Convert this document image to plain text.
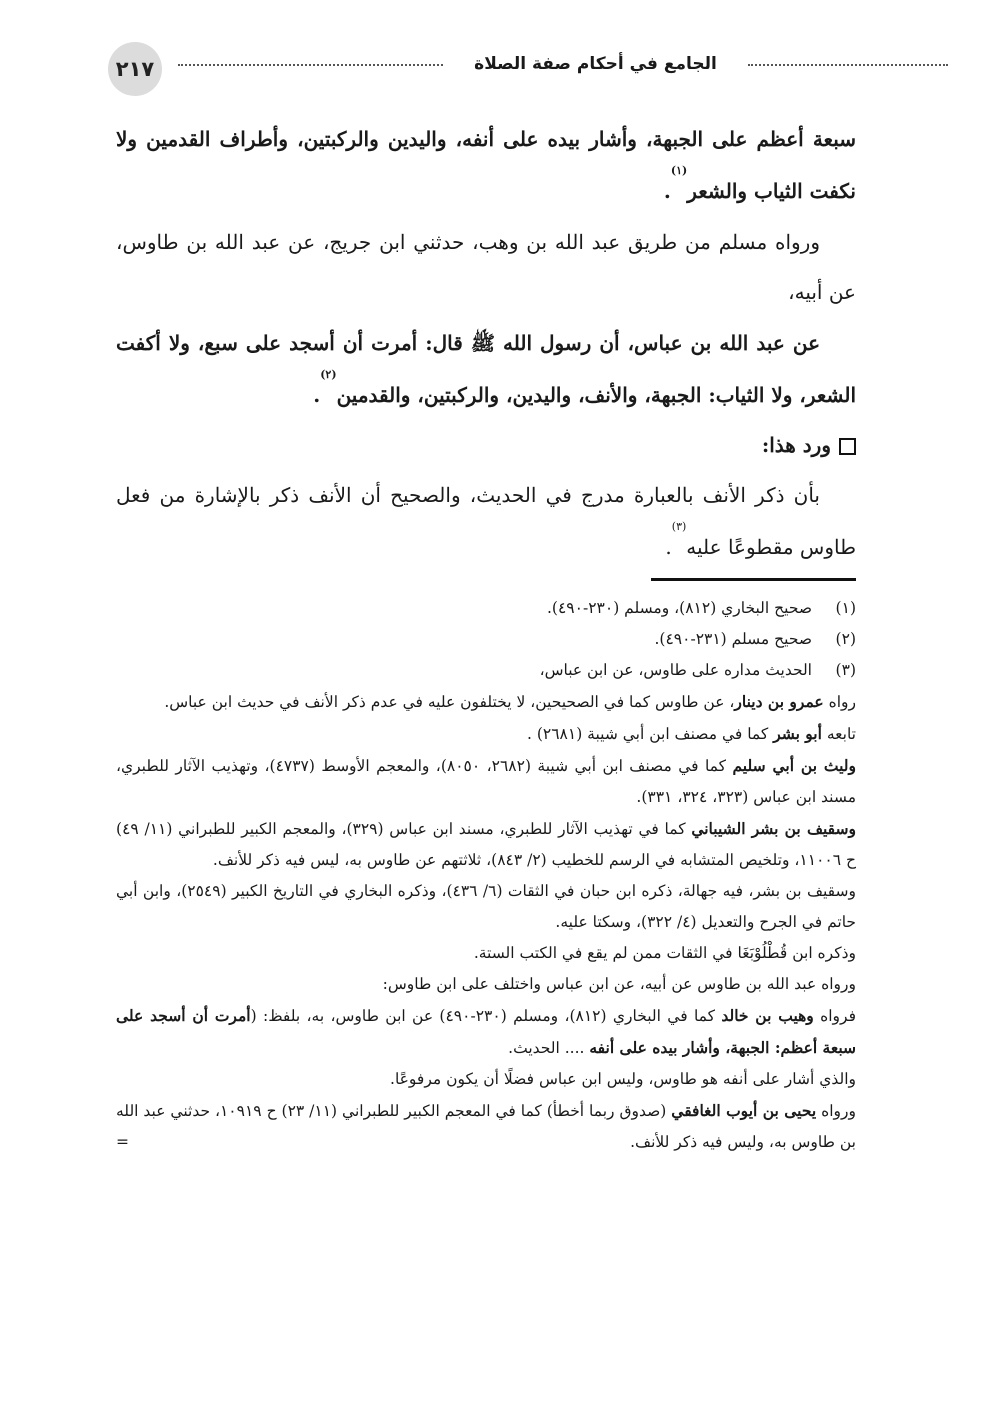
٢١٧	الجامع في أحكام صفة الصلاة

سبعة أعظم على الجبهة، وأشار بيده على أنفه، واليدين والركبتين، وأطراف القدمين ولا نكفت الثياب والشعر$^{(١)}$.

ورواه مسلم من طريق عبد الله بن وهب، حدثني ابن جريج، عن عبد الله بن طاوس، عن أبيه،

عن عبد الله بن عباس، أن رسول الله ﷺ قال: أمرت أن أسجد على سبع، ولا أكفت الشعر، ولا الثياب: الجبهة، والأنف، واليدين، والركبتين، والقدمين$^{(٢)}$.

ورد هذا:

بأن ذكر الأنف بالعبارة مدرج في الحديث، والصحيح أن الأنف ذكر بالإشارة من فعل طاوس مقطوعًا عليه$^{(٣)}$.

(١)
صحيح البخاري (٨١٢)، ومسلم (٢٣٠-٤٩٠).
(٢)
صحيح مسلم (٢٣١-٤٩٠).
(٣)
الحديث مداره على طاوس، عن ابن عباس،

رواه عمرو بن دينار، عن طاوس كما في الصحيحين، لا يختلفون عليه في عدم ذكر الأنف في حديث ابن عباس.

تابعه أبو بشر كما في مصنف ابن أبي شيبة (٢٦٨١) .

وليث بن أبي سليم كما في مصنف ابن أبي شيبة (٢٦٨٢، ٨٠٥٠)، والمعجم الأوسط (٤٧٣٧)، وتهذيب الآثار للطبري، مسند ابن عباس (٣٢٣، ٣٢٤، ٣٣١).

وسقيف بن بشر الشيباني كما في تهذيب الآثار للطبري، مسند ابن عباس (٣٢٩)، والمعجم الكبير للطبراني (١١/ ٤٩) ح ١١٠٠٦، وتلخيص المتشابه في الرسم للخطيب (٢/ ٨٤٣)، ثلاثتهم عن طاوس به، ليس فيه ذكر للأنف.

وسقيف بن بشر، فيه جهالة، ذكره ابن حبان في الثقات (٦/ ٤٣٦)، وذكره البخاري في التاريخ الكبير (٢٥٤٩)، وابن أبي حاتم في الجرح والتعديل (٤/ ٣٢٢)، وسكتا عليه.

وذكره ابن قُطْلُوْبَغَا في الثقات ممن لم يقع في الكتب الستة.

ورواه عبد الله بن طاوس عن أبيه، عن ابن عباس واختلف على ابن طاوس:

فرواه وهيب بن خالد كما في البخاري (٨١٢)، ومسلم (٢٣٠-٤٩٠) عن ابن طاوس، به، بلفظ: (أمرت أن أسجد على سبعة أعظم: الجبهة، وأشار بيده على أنفه .... الحديث.

والذي أشار على أنفه هو طاوس، وليس ابن عباس فضلًا أن يكون مرفوعًا.

ورواه يحيى بن أيوب الغافقي (صدوق ربما أخطأ) كما في المعجم الكبير للطبراني (١١/ ٢٣) ح ١٠٩١٩، حدثني عبد الله بن طاوس به، وليس فيه ذكر للأنف.
=
